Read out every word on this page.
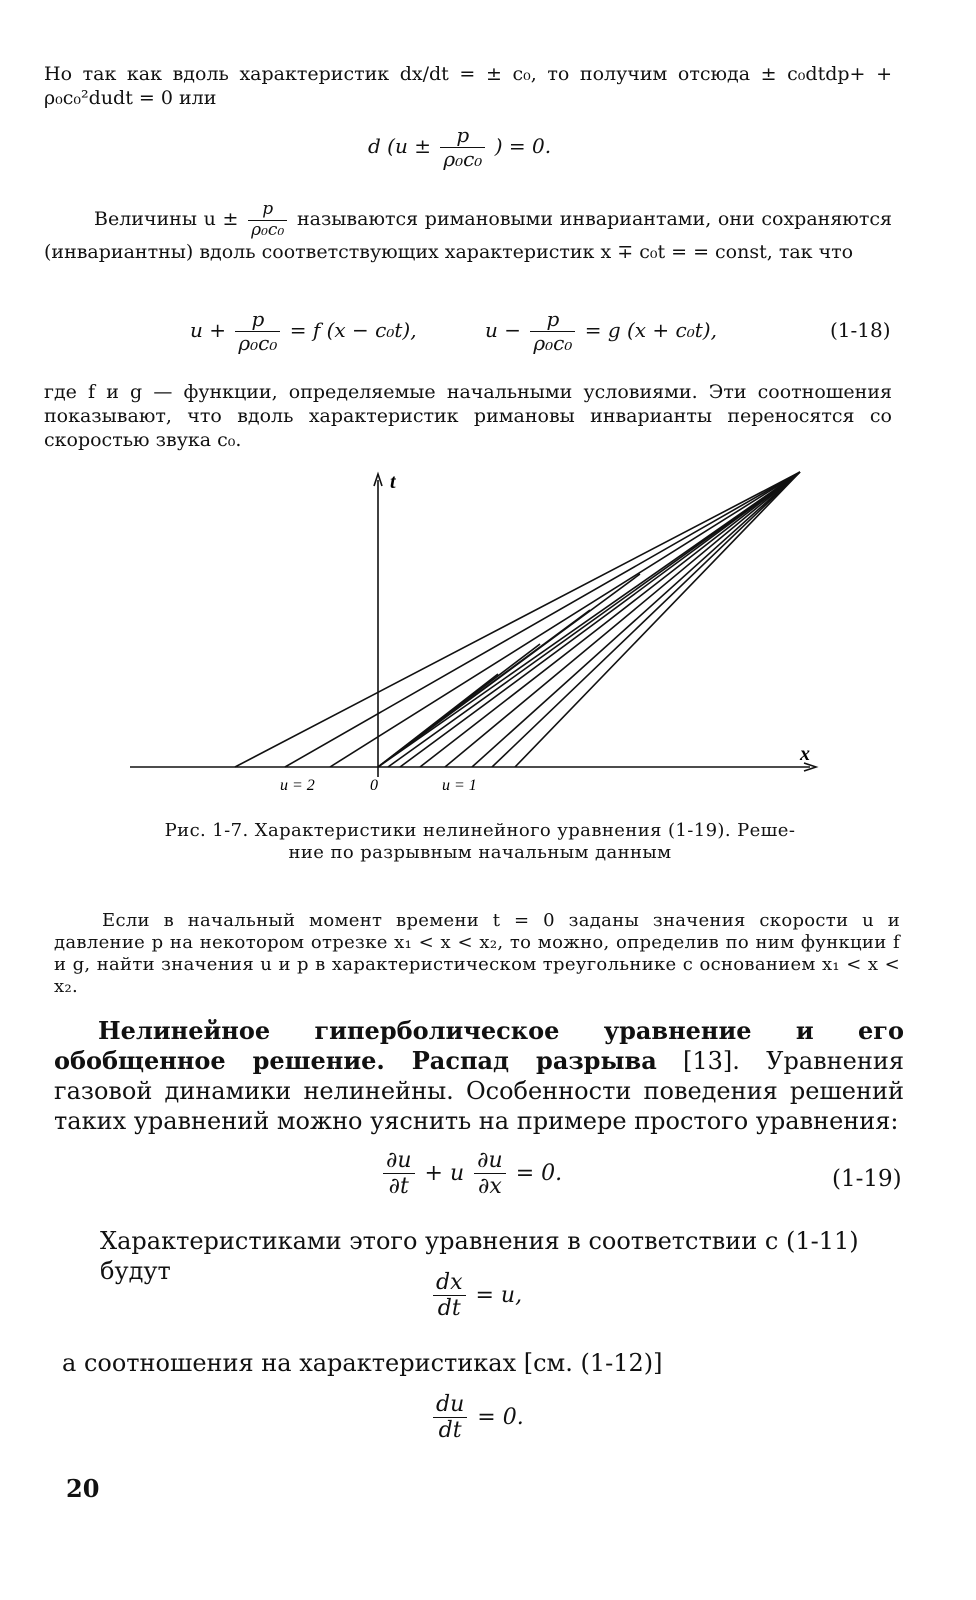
Но так как вдоль характеристик dx/dt = ± c₀, то получим отсюда ± c₀dtdp+ + ρ₀c₀²dudt = 0 или
d ($u \pm \frac{p}{\text{ρ₀c₀}}$ ) = 0.
Величины $u \pm \frac{p}{\text{ρ₀c₀}}$ называются римановыми инвариантами, они сохраняются (инвариантны) вдоль соответствующих характеристик x ∓ c₀t = = const, так что
$u + \frac{p}{\text{ρ₀c₀}} = f$ (x − c₀t),	$u - \frac{p}{\text{ρ₀c₀}} = g$ (x + c₀t),	(1-18)
где f и g — функции, определяемые начальными условиями. Эти соотношения показывают, что вдоль характеристик римановы инварианты переносятся со скоростью звука c₀.
t
x
u = 2	0	u = 1
Рис. 1-7. Характеристики нелинейного уравнения (1-19). Реше-
ние по разрывным начальным данным
Если в начальный момент времени t = 0 заданы значения скорости u и давление p на некотором отрезке x₁ < x < x₂, то можно, определив по ним функции f и g, найти значения u и p в характеристическом треугольнике с основанием x₁ < x < x₂.
Нелинейное гиперболическое уравнение и его обобщенное решение. Распад разрыва [13]. Уравнения газовой динамики нелинейны. Особенности поведения решений таких уравнений можно уяснить на примере простого уравнения:
$\frac{\partial u}{\partial t} + u \frac{\partial u}{\partial x} = 0$.	(1-19)
Характеристиками этого уравнения в соответствии с (1-11) будут	$\frac{dx}{dt} = u$,
а соотношения на характеристиках [см. (1-12)]
$\frac{du}{dt} = 0$.
20
